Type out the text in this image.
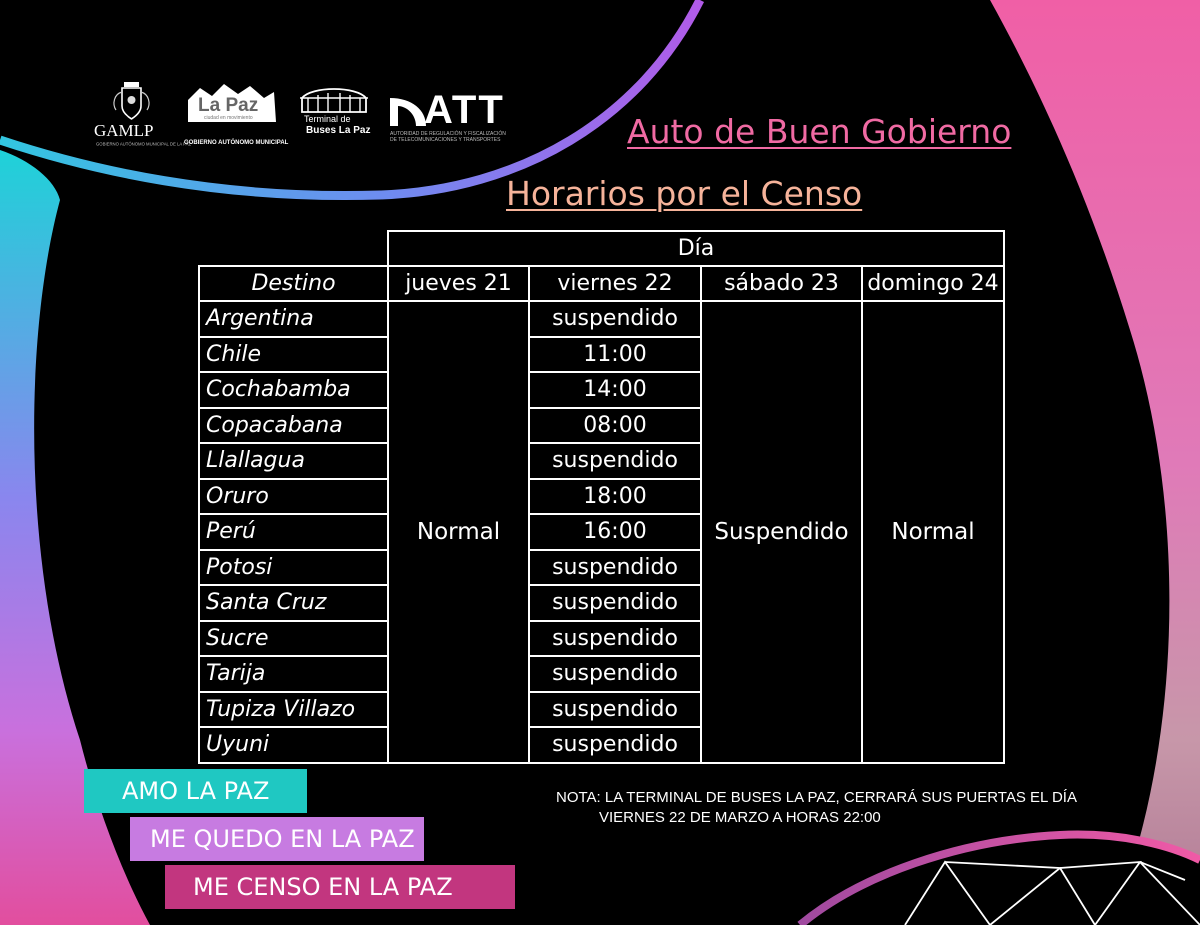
GAMLP
GOBIERNO AUTÓNOMO MUNICIPAL DE LA PAZ
La Paz
ciudad en movimiento
GOBIERNO AUTÓNOMO MUNICIPAL
Terminal de
Buses La Paz ATT
AUTORIDAD DE REGULACIÓN Y FISCALIZACIÓN
DE TELECOMUNICACIONES Y TRANSPORTES	Auto de Buen Gobierno
Horarios por el Censo
	Día			
Destino	jueves 21	viernes 22	sábado 23	domingo 24
Argentina	Normal	suspendido	Suspendido	Normal
Chile		11:00		
Cochabamba		14:00		
Copacabana		08:00		
Llallagua		suspendido		
Oruro		18:00		
Perú		16:00		
Potosi		suspendido		
Santa Cruz		suspendido		
Sucre		suspendido		
Tarija		suspendido		
Tupiza Villazo		suspendido		
Uyuni		suspendido		
AMO LA PAZ
ME QUEDO EN LA PAZ
ME CENSO EN LA PAZ
NOTA: LA TERMINAL DE BUSES LA PAZ, CERRARÁ SUS PUERTAS EL DÍA
VIERNES 22 DE MARZO A HORAS 22:00
